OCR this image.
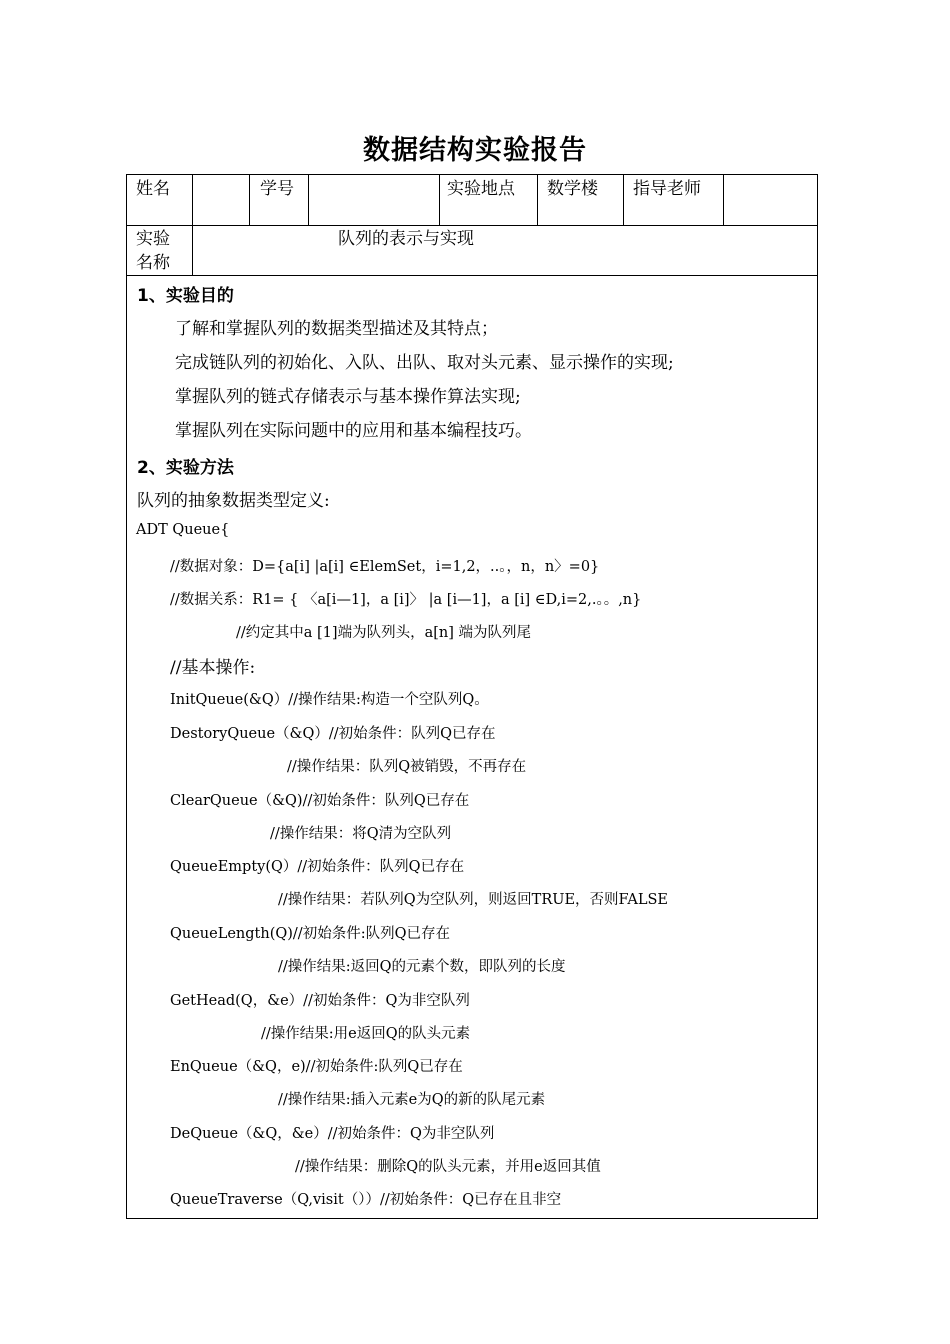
数据结构实验报告
姓名	学号	实验地点 数学楼 指导老师
实验
名称
队列的表示与实现
1、实验目的
了解和掌握队列的数据类型描述及其特点；
完成链队列的初始化、入队、出队、取对头元素、显示操作的实现;
掌握队列的链式存储表示与基本操作算法实现;
掌握队列在实际问题中的应用和基本编程技巧。
2、实验方法
队列的抽象数据类型定义:
ADT Queue{
//数据对象：D={a[i] |a[i] ∈ElemSet，i=1,2，..。，n，n〉=0}
//数据关系：R1= { 〈a[i—1]，a [i]〉 |a [i—1]，a [i] ∈D,i=2,.。。,n}
//约定其中a [1]端为队列头，a[n] 端为队列尾
//基本操作:
InitQueue(&Q）//操作结果:构造一个空队列Q。
DestoryQueue（&Q）//初始条件：队列Q已存在
//操作结果：队列Q被销毁，不再存在
ClearQueue（&Q)//初始条件：队列Q已存在
//操作结果：将Q清为空队列
QueueEmpty(Q）//初始条件：队列Q已存在
//操作结果：若队列Q为空队列，则返回TRUE，否则FALSE
QueueLength(Q)//初始条件:队列Q已存在
//操作结果:返回Q的元素个数，即队列的长度
GetHead(Q，&e）//初始条件：Q为非空队列
//操作结果:用e返回Q的队头元素
EnQueue（&Q，e)//初始条件:队列Q已存在
//操作结果:插入元素e为Q的新的队尾元素
DeQueue（&Q，&e）//初始条件：Q为非空队列
//操作结果：删除Q的队头元素，并用e返回其值
QueueTraverse（Q,visit（））//初始条件：Q已存在且非空
